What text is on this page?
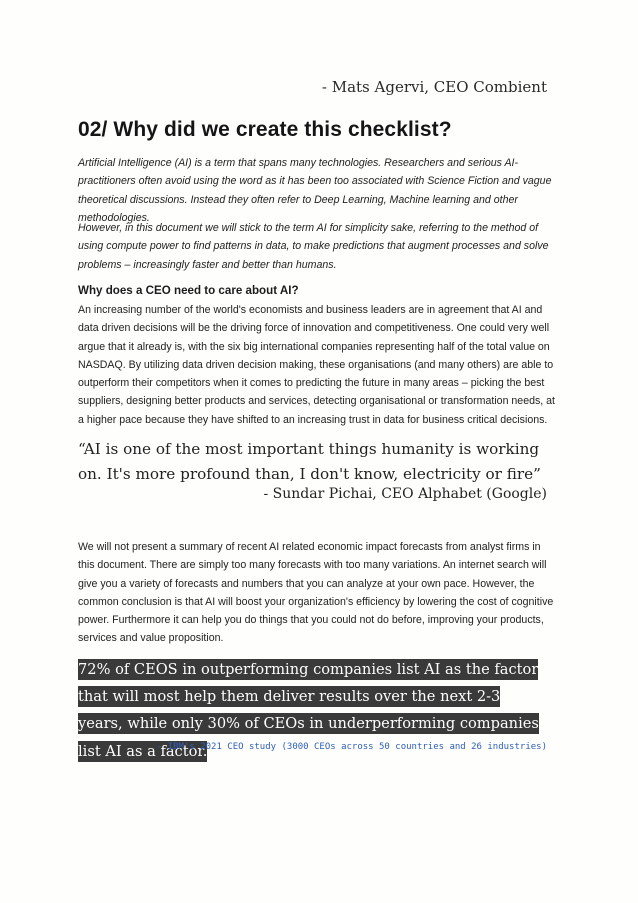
- Mats Agervi, CEO Combient
02/ Why did we create this checklist?
Artificial Intelligence (AI) is a term that spans many technologies. Researchers and serious AI-practitioners often avoid using the word as it has been too associated with Science Fiction and vague theoretical discussions. Instead they often refer to Deep Learning, Machine learning and other methodologies.
However, in this document we will stick to the term AI for simplicity sake, referring to the method of using compute power to find patterns in data, to make predictions that augment processes and solve problems – increasingly faster and better than humans.
Why does a CEO need to care about AI?
An increasing number of the world's economists and business leaders are in agreement that AI and data driven decisions will be the driving force of innovation and competitiveness. One could very well argue that it already is, with the six big international companies representing half of the total value on NASDAQ. By utilizing data driven decision making, these organisations (and many others) are able to outperform their competitors when it comes to predicting the future in many areas – picking the best suppliers, designing better products and services, detecting organisational or transformation needs, at a higher pace because they have shifted to an increasing trust in data for business critical decisions.
“AI is one of the most important things humanity is working on. It's more profound than, I don't know, electricity or fire”
- Sundar Pichai, CEO Alphabet (Google)
We will not present a summary of recent AI related economic impact forecasts from analyst firms in this document. There are simply too many forecasts with too many variations. An internet search will give you a variety of forecasts and numbers that you can analyze at your own pace. However, the common conclusion is that AI will boost your organization's efficiency by lowering the cost of cognitive power. Furthermore it can help you do things that you could not do before, improving your products, services and value proposition.
72% of CEOS in outperforming companies list AI as the factor that will most help them deliver results over the next 2-3 years, while only 30% of CEOs in underperforming companies list AI as a factor.
- IBM's 2021 CEO study (3000 CEOs across 50 countries and 26 industries)
